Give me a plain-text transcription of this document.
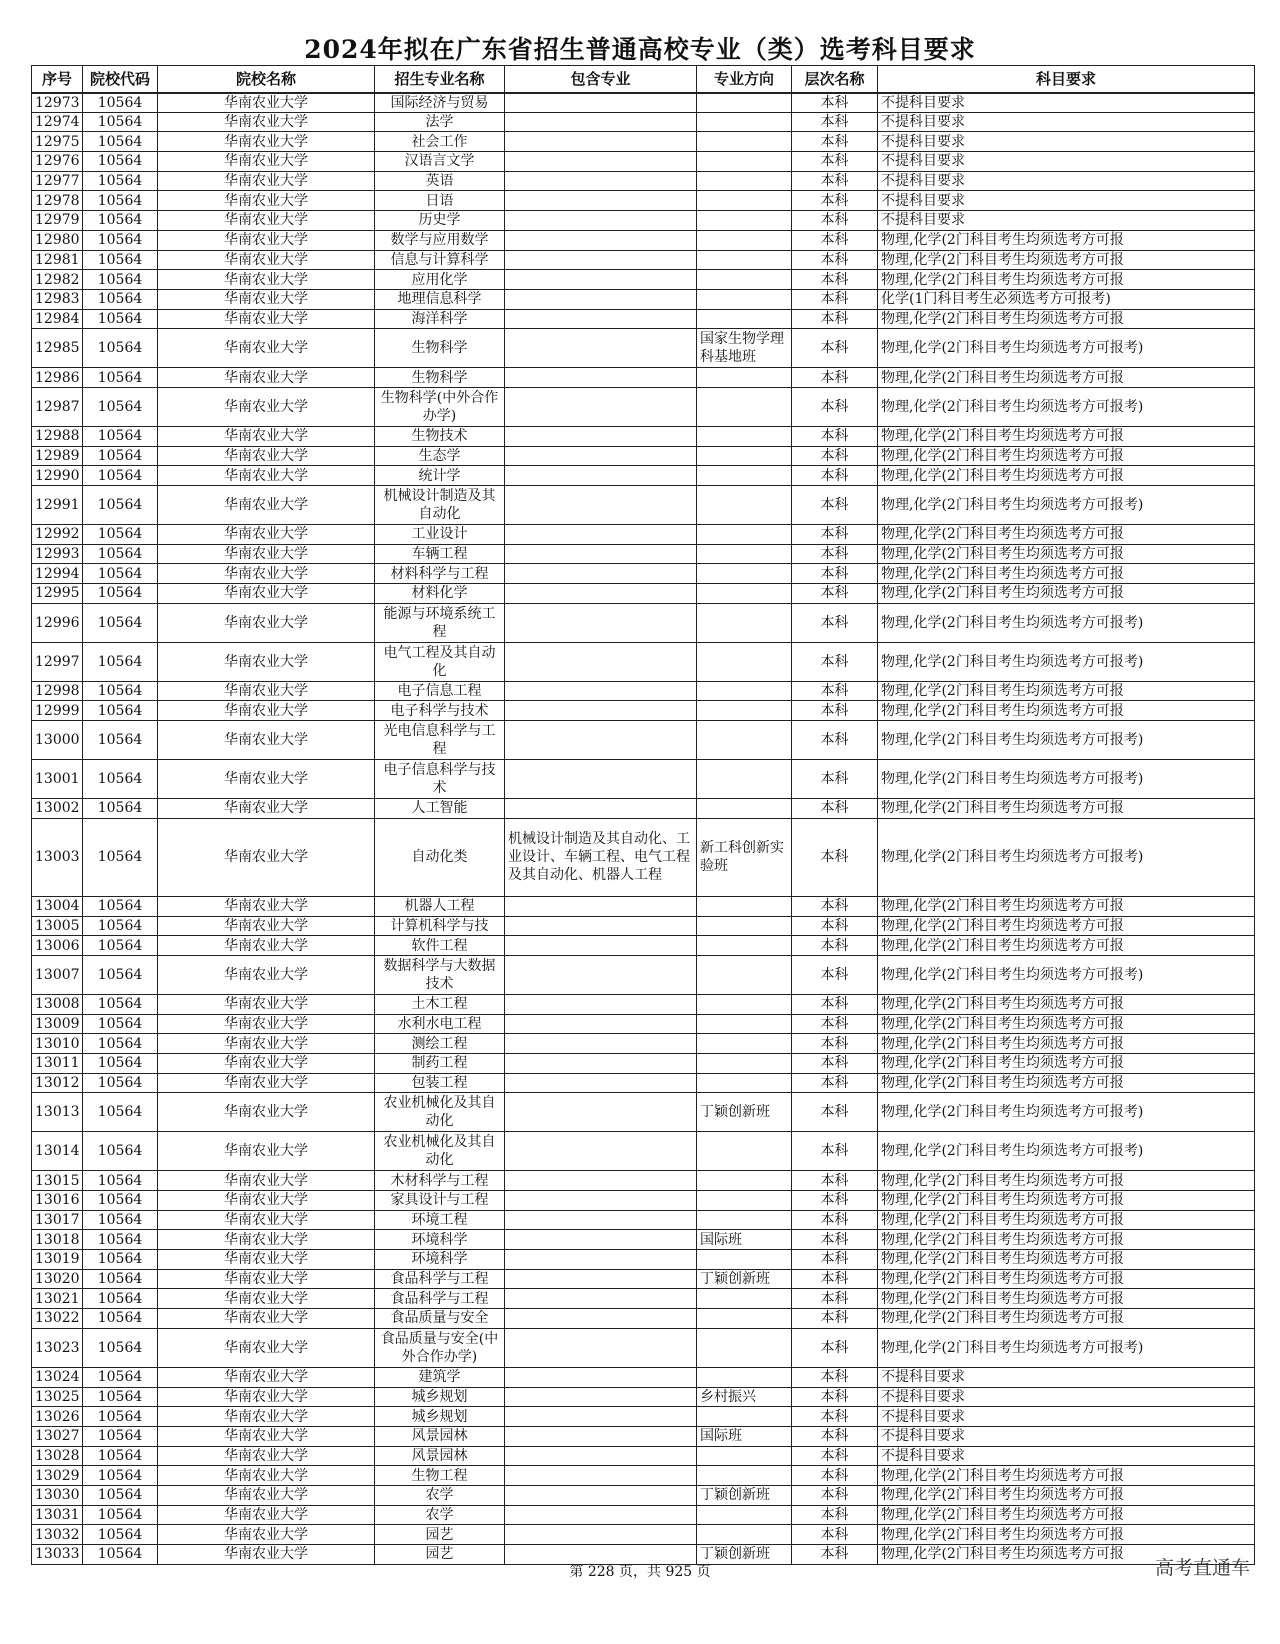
2024年拟在广东省招生普通高校专业（类）选考科目要求
序号	院校代码	院校名称	招生专业名称	包含专业	专业方向	层次名称	科目要求
12973	10564	华南农业大学	国际经济与贸易			本科	不提科目要求
12974	10564	华南农业大学	法学			本科	不提科目要求
12975	10564	华南农业大学	社会工作			本科	不提科目要求
12976	10564	华南农业大学	汉语言文学			本科	不提科目要求
12977	10564	华南农业大学	英语			本科	不提科目要求
12978	10564	华南农业大学	日语			本科	不提科目要求
12979	10564	华南农业大学	历史学			本科	不提科目要求
12980	10564	华南农业大学	数学与应用数学			本科	物理,化学(2门科目考生均须选考方可报
12981	10564	华南农业大学	信息与计算科学			本科	物理,化学(2门科目考生均须选考方可报
12982	10564	华南农业大学	应用化学			本科	物理,化学(2门科目考生均须选考方可报
12983	10564	华南农业大学	地理信息科学			本科	化学(1门科目考生必须选考方可报考)
12984	10564	华南农业大学	海洋科学			本科	物理,化学(2门科目考生均须选考方可报
12985	10564	华南农业大学	生物科学		国家生物学理科基地班	本科	物理,化学(2门科目考生均须选考方可报考)
12986	10564	华南农业大学	生物科学			本科	物理,化学(2门科目考生均须选考方可报
12987	10564	华南农业大学	生物科学(中外合作办学)			本科	物理,化学(2门科目考生均须选考方可报考)
12988	10564	华南农业大学	生物技术			本科	物理,化学(2门科目考生均须选考方可报
12989	10564	华南农业大学	生态学			本科	物理,化学(2门科目考生均须选考方可报
12990	10564	华南农业大学	统计学			本科	物理,化学(2门科目考生均须选考方可报
12991	10564	华南农业大学	机械设计制造及其自动化			本科	物理,化学(2门科目考生均须选考方可报考)
12992	10564	华南农业大学	工业设计			本科	物理,化学(2门科目考生均须选考方可报
12993	10564	华南农业大学	车辆工程			本科	物理,化学(2门科目考生均须选考方可报
12994	10564	华南农业大学	材料科学与工程			本科	物理,化学(2门科目考生均须选考方可报
12995	10564	华南农业大学	材料化学			本科	物理,化学(2门科目考生均须选考方可报
12996	10564	华南农业大学	能源与环境系统工程			本科	物理,化学(2门科目考生均须选考方可报考)
12997	10564	华南农业大学	电气工程及其自动化			本科	物理,化学(2门科目考生均须选考方可报考)
12998	10564	华南农业大学	电子信息工程			本科	物理,化学(2门科目考生均须选考方可报
12999	10564	华南农业大学	电子科学与技术			本科	物理,化学(2门科目考生均须选考方可报
13000	10564	华南农业大学	光电信息科学与工程			本科	物理,化学(2门科目考生均须选考方可报考)
13001	10564	华南农业大学	电子信息科学与技术			本科	物理,化学(2门科目考生均须选考方可报考)
13002	10564	华南农业大学	人工智能			本科	物理,化学(2门科目考生均须选考方可报
13003	10564	华南农业大学	自动化类	机械设计制造及其自动化、工业设计、车辆工程、电气工程及其自动化、机器人工程	新工科创新实验班	本科	物理,化学(2门科目考生均须选考方可报考)
13004	10564	华南农业大学	机器人工程			本科	物理,化学(2门科目考生均须选考方可报
13005	10564	华南农业大学	计算机科学与技			本科	物理,化学(2门科目考生均须选考方可报
13006	10564	华南农业大学	软件工程			本科	物理,化学(2门科目考生均须选考方可报
13007	10564	华南农业大学	数据科学与大数据技术			本科	物理,化学(2门科目考生均须选考方可报考)
13008	10564	华南农业大学	土木工程			本科	物理,化学(2门科目考生均须选考方可报
13009	10564	华南农业大学	水利水电工程			本科	物理,化学(2门科目考生均须选考方可报
13010	10564	华南农业大学	测绘工程			本科	物理,化学(2门科目考生均须选考方可报
13011	10564	华南农业大学	制药工程			本科	物理,化学(2门科目考生均须选考方可报
13012	10564	华南农业大学	包装工程			本科	物理,化学(2门科目考生均须选考方可报
13013	10564	华南农业大学	农业机械化及其自动化		丁颖创新班	本科	物理,化学(2门科目考生均须选考方可报考)
13014	10564	华南农业大学	农业机械化及其自动化			本科	物理,化学(2门科目考生均须选考方可报考)
13015	10564	华南农业大学	木材科学与工程			本科	物理,化学(2门科目考生均须选考方可报
13016	10564	华南农业大学	家具设计与工程			本科	物理,化学(2门科目考生均须选考方可报
13017	10564	华南农业大学	环境工程			本科	物理,化学(2门科目考生均须选考方可报
13018	10564	华南农业大学	环境科学		国际班	本科	物理,化学(2门科目考生均须选考方可报
13019	10564	华南农业大学	环境科学			本科	物理,化学(2门科目考生均须选考方可报
13020	10564	华南农业大学	食品科学与工程		丁颖创新班	本科	物理,化学(2门科目考生均须选考方可报
13021	10564	华南农业大学	食品科学与工程			本科	物理,化学(2门科目考生均须选考方可报
13022	10564	华南农业大学	食品质量与安全			本科	物理,化学(2门科目考生均须选考方可报
13023	10564	华南农业大学	食品质量与安全(中外合作办学)			本科	物理,化学(2门科目考生均须选考方可报考)
13024	10564	华南农业大学	建筑学			本科	不提科目要求
13025	10564	华南农业大学	城乡规划		乡村振兴	本科	不提科目要求
13026	10564	华南农业大学	城乡规划			本科	不提科目要求
13027	10564	华南农业大学	风景园林		国际班	本科	不提科目要求
13028	10564	华南农业大学	风景园林			本科	不提科目要求
13029	10564	华南农业大学	生物工程			本科	物理,化学(2门科目考生均须选考方可报
13030	10564	华南农业大学	农学		丁颖创新班	本科	物理,化学(2门科目考生均须选考方可报
13031	10564	华南农业大学	农学			本科	物理,化学(2门科目考生均须选考方可报
13032	10564	华南农业大学	园艺			本科	物理,化学(2门科目考生均须选考方可报
13033	10564	华南农业大学	园艺		丁颖创新班	本科	物理,化学(2门科目考生均须选考方可报
第 228 页，共 925 页	高考直通车
